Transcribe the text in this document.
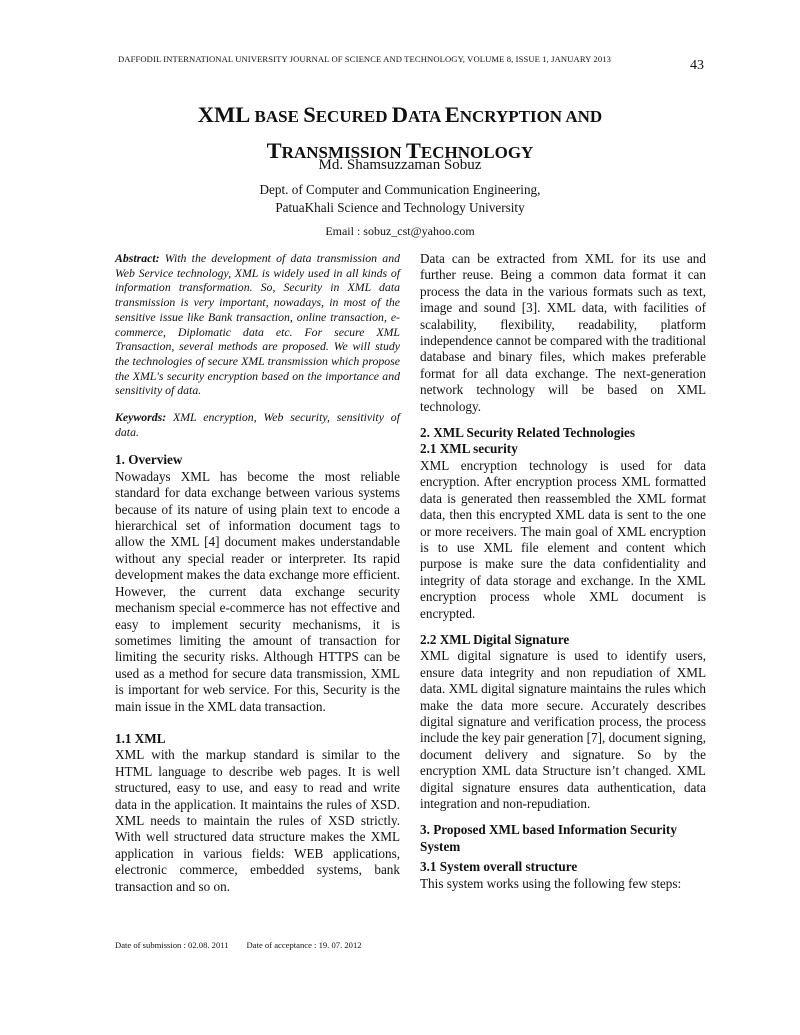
DAFFODIL INTERNATIONAL UNIVERSITY JOURNAL OF SCIENCE AND TECHNOLOGY, VOLUME 8, ISSUE 1, JANUARY 2013	43
XML BASE SECURED DATA ENCRYPTION AND
TRANSMISSION TECHNOLOGY
Md. Shamsuzzaman Sobuz
Dept. of Computer and Communication Engineering,
PatuaKhali Science and Technology University
Email : sobuz_cst@yahoo.com

Abstract: With the development of data transmission and Web Service technology, XML is widely used in all kinds of information transformation. So, Security in XML data transmission is very important, nowadays, in most of the sensitive issue like Bank transaction, online transaction, e-commerce, Diplomatic data etc. For secure XML Transaction, several methods are proposed. We will study the technologies of secure XML transmission which propose the XML's security encryption based on the importance and sensitivity of data.

Keywords: XML encryption, Web security, sensitivity of data.

1. Overview

Nowadays XML has become the most reliable standard for data exchange between various systems because of its nature of using plain text to encode a hierarchical set of information document tags to allow the XML [4] document makes understandable without any special reader or interpreter. Its rapid development makes the data exchange more efficient. However, the current data exchange security mechanism special e-commerce has not effective and easy to implement security mechanisms, it is sometimes limiting the amount of transaction for limiting the security risks. Although HTTPS can be used as a method for secure data transmission, XML is important for web service. For this, Security is the main issue in the XML data transaction.

1.1 XML

XML with the markup standard is similar to the HTML language to describe web pages. It is well structured, easy to use, and easy to read and write data in the application. It maintains the rules of XSD. XML needs to maintain the rules of XSD strictly. With well structured data structure makes the XML application in various fields: WEB applications, electronic commerce, embedded systems, bank transaction and so on.

Data can be extracted from XML for its use and further reuse. Being a common data format it can process the data in the various formats such as text, image and sound [3]. XML data, with facilities of scalability, flexibility, readability, platform independence cannot be compared with the traditional database and binary files, which makes preferable format for all data exchange. The next-generation network technology will be based on XML technology.

2. XML Security Related Technologies

2.1 XML security

XML encryption technology is used for data encryption. After encryption process XML formatted data is generated then reassembled the XML format data, then this encrypted XML data is sent to the one or more receivers. The main goal of XML encryption is to use XML file element and content which purpose is make sure the data confidentiality and integrity of data storage and exchange. In the XML encryption process whole XML document is encrypted.

2.2 XML Digital Signature

XML digital signature is used to identify users, ensure data integrity and non repudiation of XML data. XML digital signature maintains the rules which make the data more secure. Accurately describes digital signature and verification process, the process include the key pair generation [7], document signing, document delivery and signature. So by the encryption XML data Structure isn’t changed. XML digital signature ensures data authentication, data integration and non-repudiation.

3. Proposed XML based Information Security System

3.1 System overall structure

This system works using the following few steps:

Date of submission : 02.08. 2011 Date of acceptance : 19. 07. 2012
